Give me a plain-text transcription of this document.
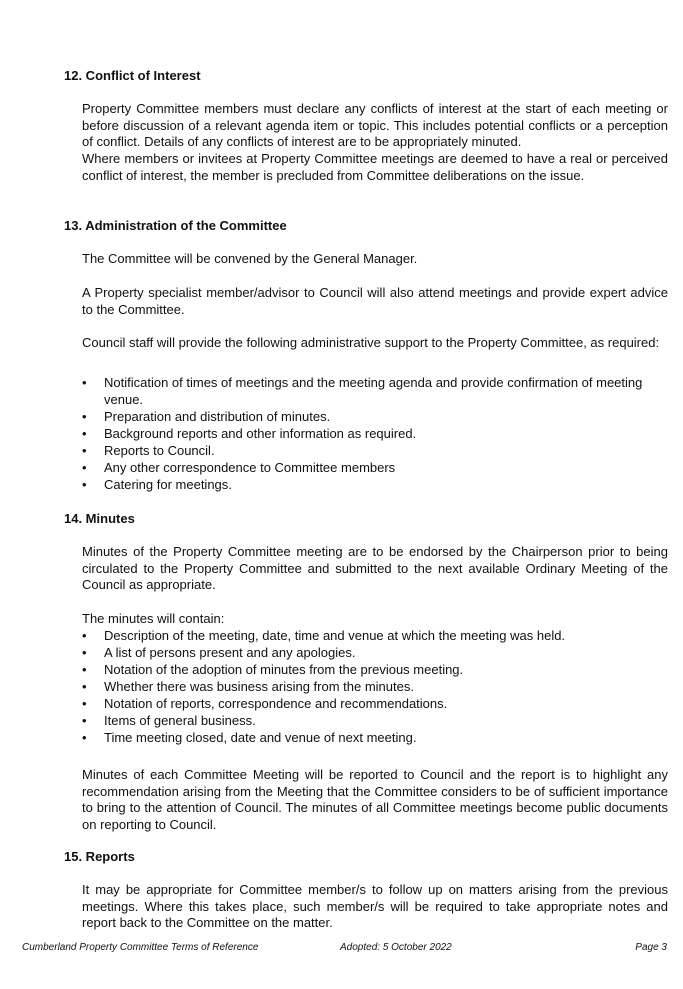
12. Conflict of Interest
Property Committee members must declare any conflicts of interest at the start of each meeting or before discussion of a relevant agenda item or topic. This includes potential conflicts or a perception of conflict. Details of any conflicts of interest are to be appropriately minuted.
Where members or invitees at Property Committee meetings are deemed to have a real or perceived conflict of interest, the member is precluded from Committee deliberations on the issue.
13. Administration of the Committee
The Committee will be convened by the General Manager.
A Property specialist member/advisor to Council will also attend meetings and provide expert advice to the Committee.
Council staff will provide the following administrative support to the Property Committee, as required:
•	Notification of times of meetings and the meeting agenda and provide confirmation of meeting venue.
•	Preparation and distribution of minutes.
•	Background reports and other information as required.
•	Reports to Council.
•	Any other correspondence to Committee members
•	Catering for meetings.
14. Minutes
Minutes of the Property Committee meeting are to be endorsed by the Chairperson prior to being circulated to the Property Committee and submitted to the next available Ordinary Meeting of the Council as appropriate.
The minutes will contain:
•	Description of the meeting, date, time and venue at which the meeting was held.
•	A list of persons present and any apologies.
•	Notation of the adoption of minutes from the previous meeting.
•	Whether there was business arising from the minutes.
•	Notation of reports, correspondence and recommendations.
•	Items of general business.
•	Time meeting closed, date and venue of next meeting.
Minutes of each Committee Meeting will be reported to Council and the report is to highlight any recommendation arising from the Meeting that the Committee considers to be of sufficient importance to bring to the attention of Council. The minutes of all Committee meetings become public documents on reporting to Council.
15. Reports
It may be appropriate for Committee member/s to follow up on matters arising from the previous meetings. Where this takes place, such member/s will be required to take appropriate notes and report back to the Committee on the matter.
Cumberland Property Committee Terms of Reference	Adopted: 5 October 2022	Page 3
